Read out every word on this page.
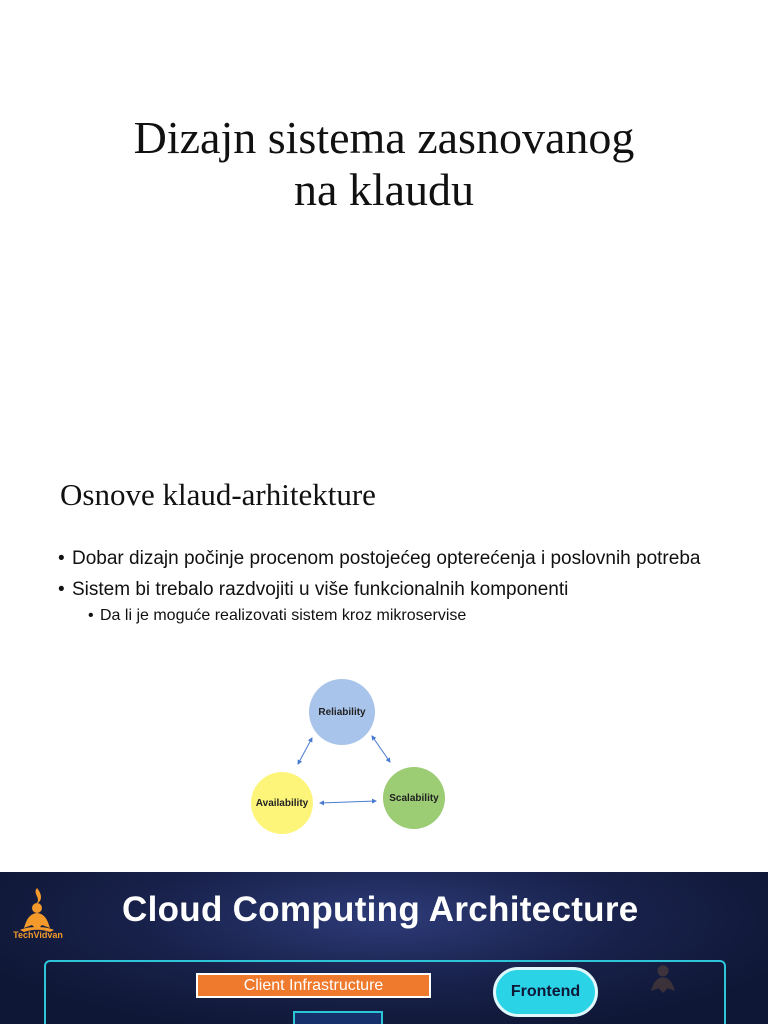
Dizajn sistema zasnovanog
na klaudu
Osnove klaud-arhitekture
• Dobar dizajn počinje procenom postojećeg opterećenja i poslovnih potreba
• Sistem bi trebalo razdvojiti u više funkcionalnih komponenti
• Da li je moguće realizovati sistem kroz mikroservise
Reliability
Availability	Scalability
TechVidvan
Cloud Computing Architecture
Client Infrastructure	Frontend
